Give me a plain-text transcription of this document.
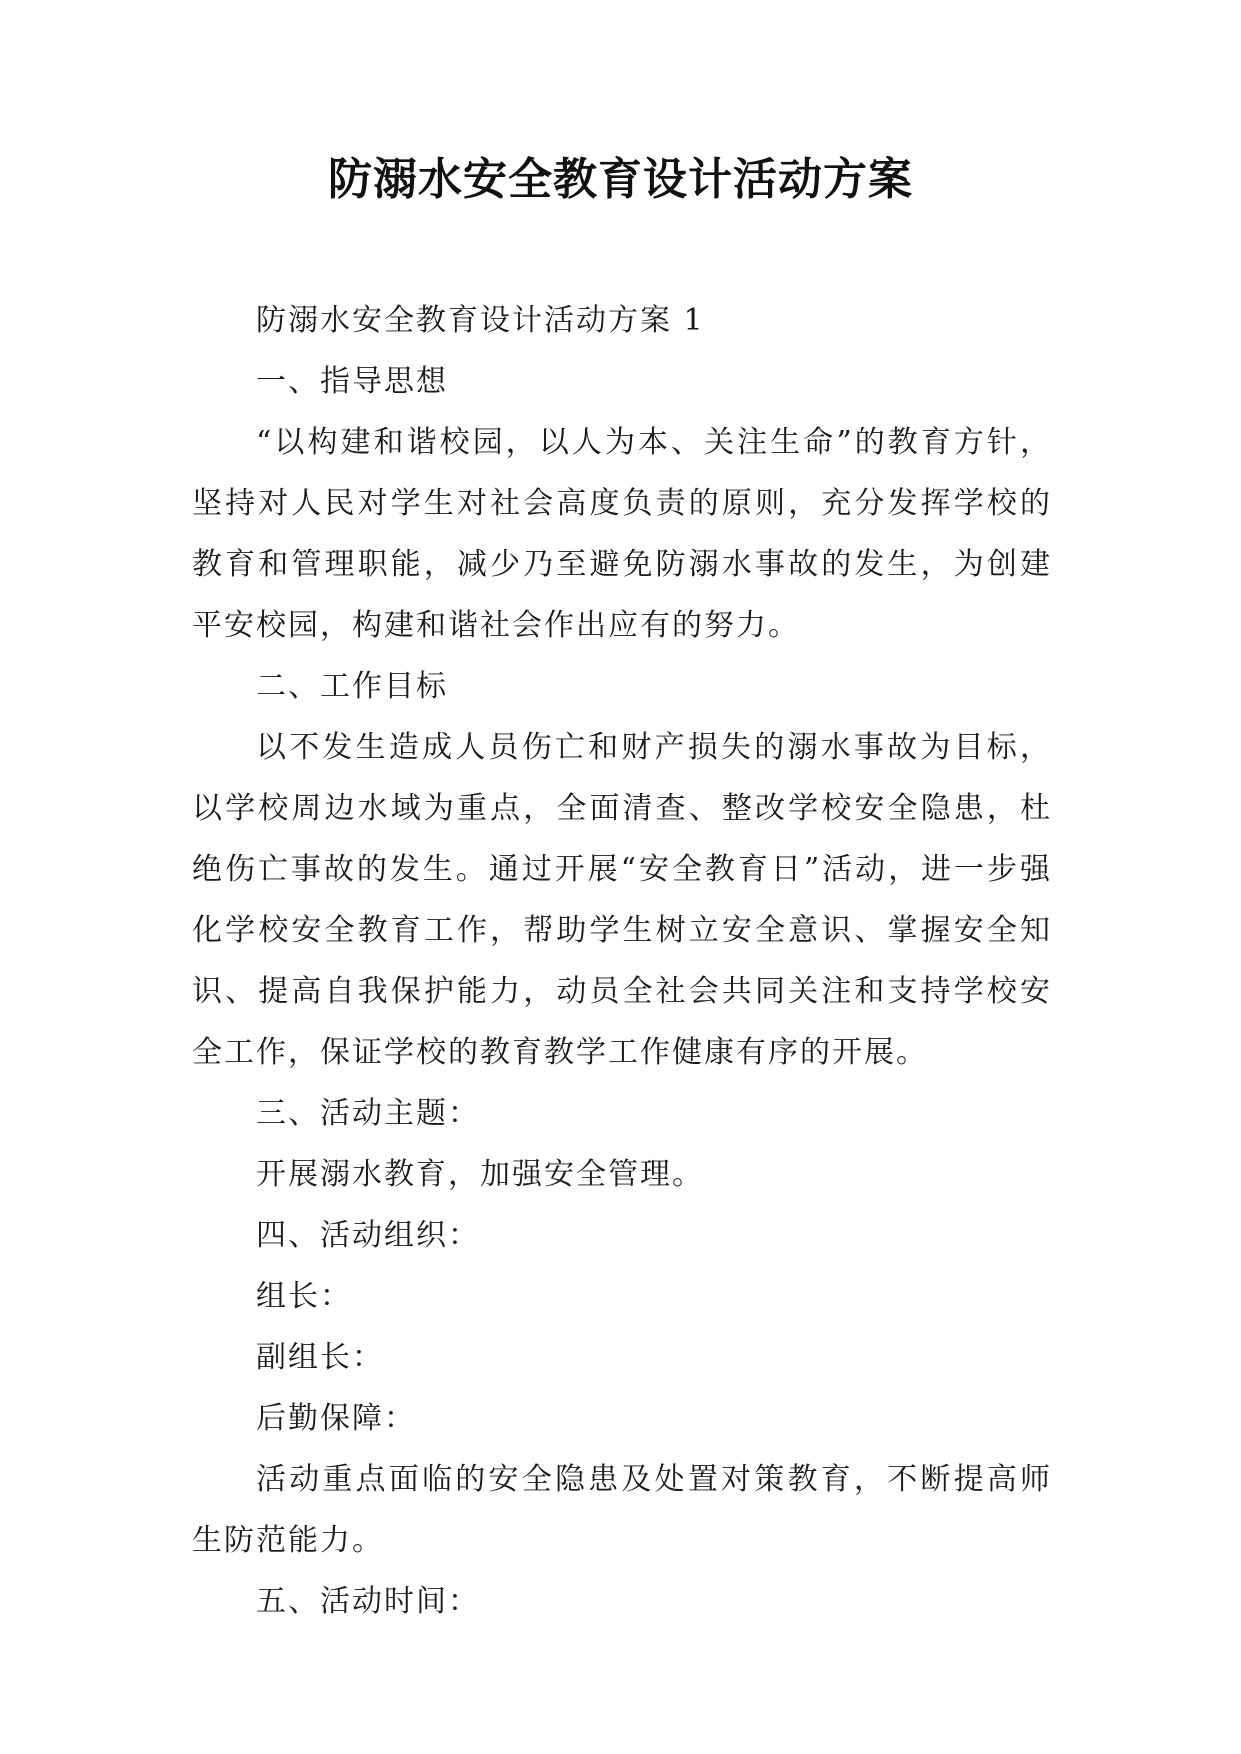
防溺水安全教育设计活动方案

防溺水安全教育设计活动方案 1

一、指导思想

“以构建和谐校园，以人为本、关注生命”的教育方针，坚持对人民对学生对社会高度负责的原则，充分发挥学校的教育和管理职能，减少乃至避免防溺水事故的发生，为创建平安校园，构建和谐社会作出应有的努力。

二、工作目标

以不发生造成人员伤亡和财产损失的溺水事故为目标，以学校周边水域为重点，全面清查、整改学校安全隐患，杜绝伤亡事故的发生。通过开展“安全教育日”活动，进一步强化学校安全教育工作，帮助学生树立安全意识、掌握安全知识、提高自我保护能力，动员全社会共同关注和支持学校安全工作，保证学校的教育教学工作健康有序的开展。

三、活动主题：

开展溺水教育，加强安全管理。

四、活动组织：

组长：

副组长：

后勤保障：

活动重点面临的安全隐患及处置对策教育，不断提高师生防范能力。

五、活动时间：
